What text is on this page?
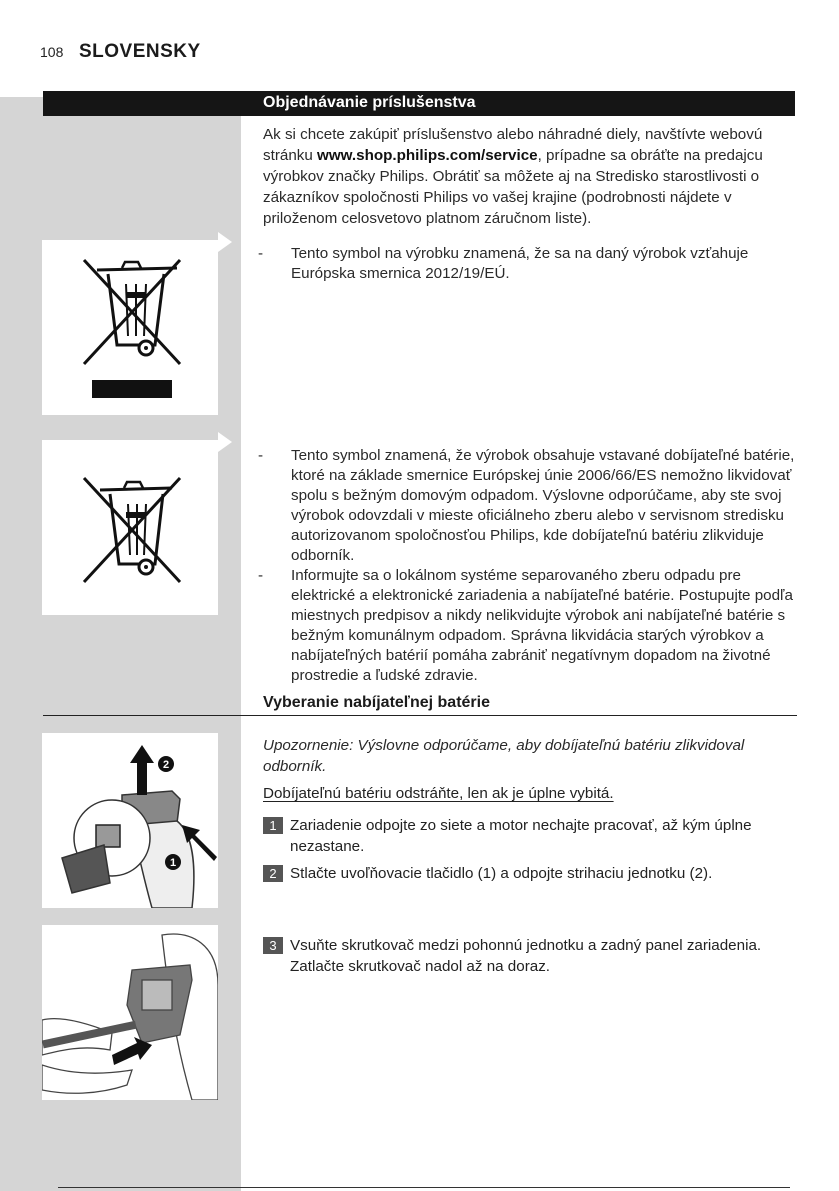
108 SLOVENSKY
Objednávanie príslušenstva
Ak si chcete zakúpiť príslušenstvo alebo náhradné diely, navštívte webovú stránku www.shop.philips.com/service, prípadne sa obráťte na predajcu výrobkov značky Philips. Obrátiť sa môžete aj na Stredisko starostlivosti o zákazníkov spoločnosti Philips vo vašej krajine (podrobnosti nájdete v priloženom celosvetovo platnom záručnom liste).
- Tento symbol na výrobku znamená, že sa na daný výrobok vzťahuje Európska smernica 2012/19/EÚ.
- Tento symbol znamená, že výrobok obsahuje vstavané dobíjateľné batérie, ktoré na základe smernice Európskej únie 2006/66/ES nemožno likvidovať spolu s bežným domovým odpadom. Výslovne odporúčame, aby ste svoj výrobok odovzdali v mieste oficiálneho zberu alebo v servisnom stredisku autorizovanom spoločnosťou Philips, kde dobíjateľnú batériu zlikviduje odborník.
- Informujte sa o lokálnom systéme separovaného zberu odpadu pre elektrické a elektronické zariadenia a nabíjateľné batérie. Postupujte podľa miestnych predpisov a nikdy nelikvidujte výrobok ani nabíjateľné batérie s bežným komunálnym odpadom. Správna likvidácia starých výrobkov a nabíjateľných batérií pomáha zabrániť negatívnym dopadom na životné prostredie a ľudské zdravie.
Vyberanie nabíjateľnej batérie
2
1
Upozornenie: Výslovne odporúčame, aby dobíjateľnú batériu zlikvidoval odborník.
Dobíjateľnú batériu odstráňte, len ak je úplne vybitá.
1 Zariadenie odpojte zo siete a motor nechajte pracovať, až kým úplne nezastane.
2 Stlačte uvoľňovacie tlačidlo (1) a odpojte strihaciu jednotku (2).
3 Vsuňte skrutkovač medzi pohonnú jednotku a zadný panel zariadenia. Zatlačte skrutkovač nadol až na doraz.
